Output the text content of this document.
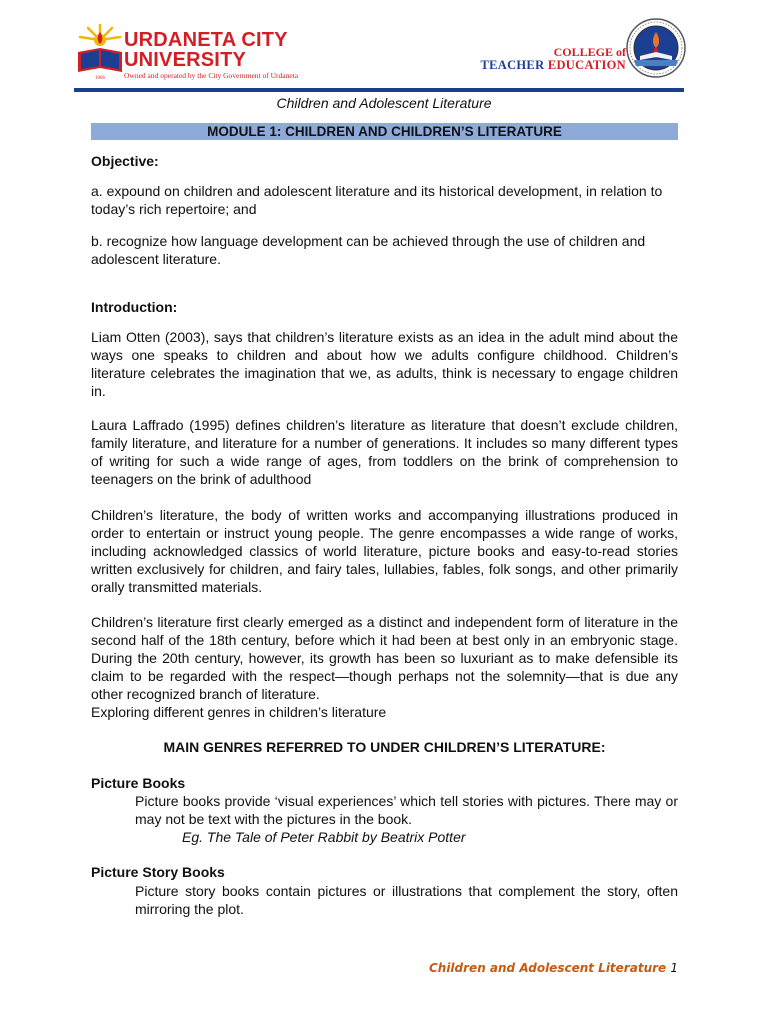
1966
URDANETA CITY
UNIVERSITY
Owned and operated by the City Government of Urdaneta
COLLEGE of
TEACHER EDUCATION
Children and Adolescent Literature
MODULE 1: CHILDREN AND CHILDREN’S LITERATURE
Objective:
a. expound on children and adolescent literature and its historical development, in relation to today’s rich repertoire; and
b. recognize how language development can be achieved through the use of children and adolescent literature.
Introduction:
Liam Otten (2003), says that children’s literature exists as an idea in the adult mind about the ways one speaks to children and about how we adults configure childhood. Children’s literature celebrates the imagination that we, as adults, think is necessary to engage children in.
Laura Laffrado (1995) defines children’s literature as literature that doesn’t exclude children, family literature, and literature for a number of generations. It includes so many different types of writing for such a wide range of ages, from toddlers on the brink of comprehension to teenagers on the brink of adulthood
Children’s literature, the body of written works and accompanying illustrations produced in order to entertain or instruct young people. The genre encompasses a wide range of works, including acknowledged classics of world literature, picture books and easy-to-read stories written exclusively for children, and fairy tales, lullabies, fables, folk songs, and other primarily orally transmitted materials.
Children’s literature first clearly emerged as a distinct and independent form of literature in the second half of the 18th century, before which it had been at best only in an embryonic stage. During the 20th century, however, its growth has been so luxuriant as to make defensible its claim to be regarded with the respect—though perhaps not the solemnity—that is due any other recognized branch of literature.
Exploring different genres in children’s literature
MAIN GENRES REFERRED TO UNDER CHILDREN’S LITERATURE:
Picture Books
Picture books provide ‘visual experiences’ which tell stories with pictures. There may or may not be text with the pictures in the book.
Eg. The Tale of Peter Rabbit by Beatrix Potter
Picture Story Books
Picture story books contain pictures or illustrations that complement the story, often mirroring the plot.
Children and Adolescent Literature 1
